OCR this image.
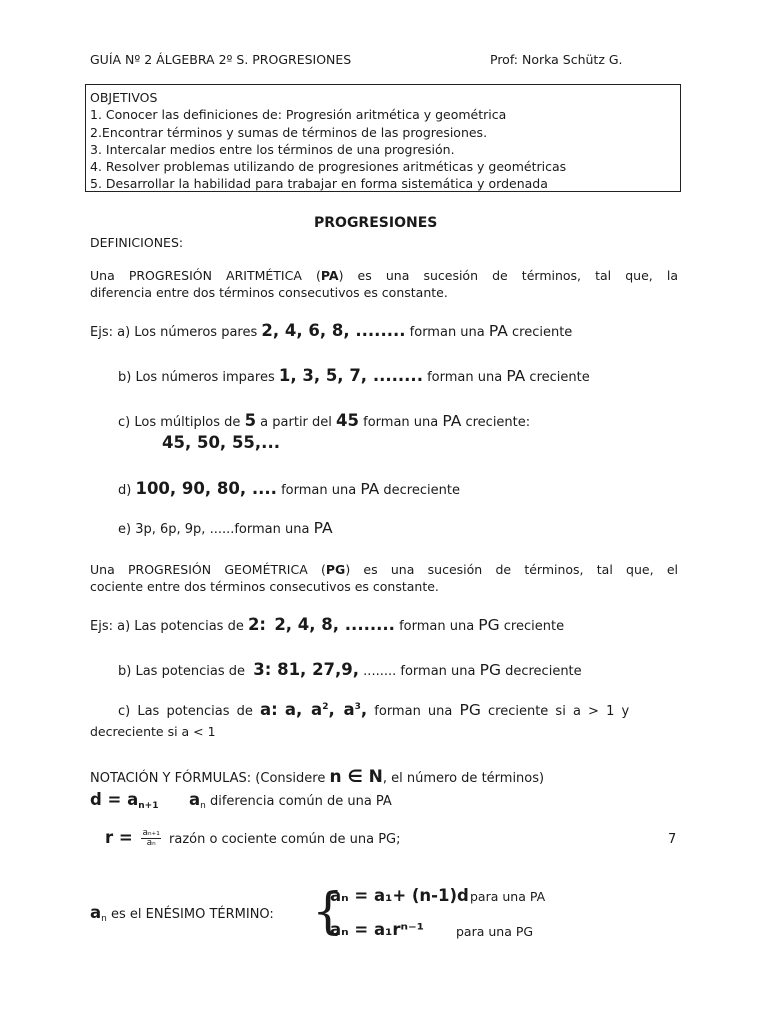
GUÍA Nº 2 ÁLGEBRA 2º S. PROGRESIONES	Prof: Norka Schütz G.
OBJETIVOS
1. Conocer las definiciones de: Progresión aritmética y geométrica
2.Encontrar términos y sumas de términos de las progresiones.
3. Intercalar medios entre los términos de una progresión.
4. Resolver problemas utilizando de progresiones aritméticas y geométricas
5. Desarrollar la habilidad para trabajar en forma sistemática y ordenada
PROGRESIONES
DEFINICIONES:
Una PROGRESIÓN ARITMÉTICA (PA) es una sucesión de términos, tal que, la
diferencia entre dos términos consecutivos es constante.
Ejs: a) Los números pares 2, 4, 6, 8, ........ forman una PA creciente
b) Los números impares 1, 3, 5, 7, ........ forman una PA creciente
c) Los múltiplos de 5 a partir del 45 forman una PA creciente:
45, 50, 55,...
d) 100, 90, 80, .... forman una PA decreciente
e) 3p, 6p, 9p, ......forman una PA
Una PROGRESIÓN GEOMÉTRICA (PG) es una sucesión de términos, tal que, el
cociente entre dos términos consecutivos es constante.
Ejs: a) Las potencias de 2: 2, 4, 8, ........ forman una PG creciente
b) Las potencias de  3: 81, 27,9, ........ forman una PG decreciente
c) Las potencias de a: a, $a^2$, $a^3$, forman una PG creciente si a > 1 y
decreciente si a < 1
NOTACIÓN Y FÓRMULAS: (Considere n ∈ N, el número de términos)
$d = a_{n+1}$ $a_n$ diferencia común de una PA
$r = \frac{\text{aₙ₊₁}}{\text{aₙ}}$ razón o cociente común de una PG;	7
$a_n$ es el ENÉSIMO TÉRMINO: {
aₙ = a₁+ (n-1)d para una PA
aₙ = a₁rⁿ⁻¹	para una PG
